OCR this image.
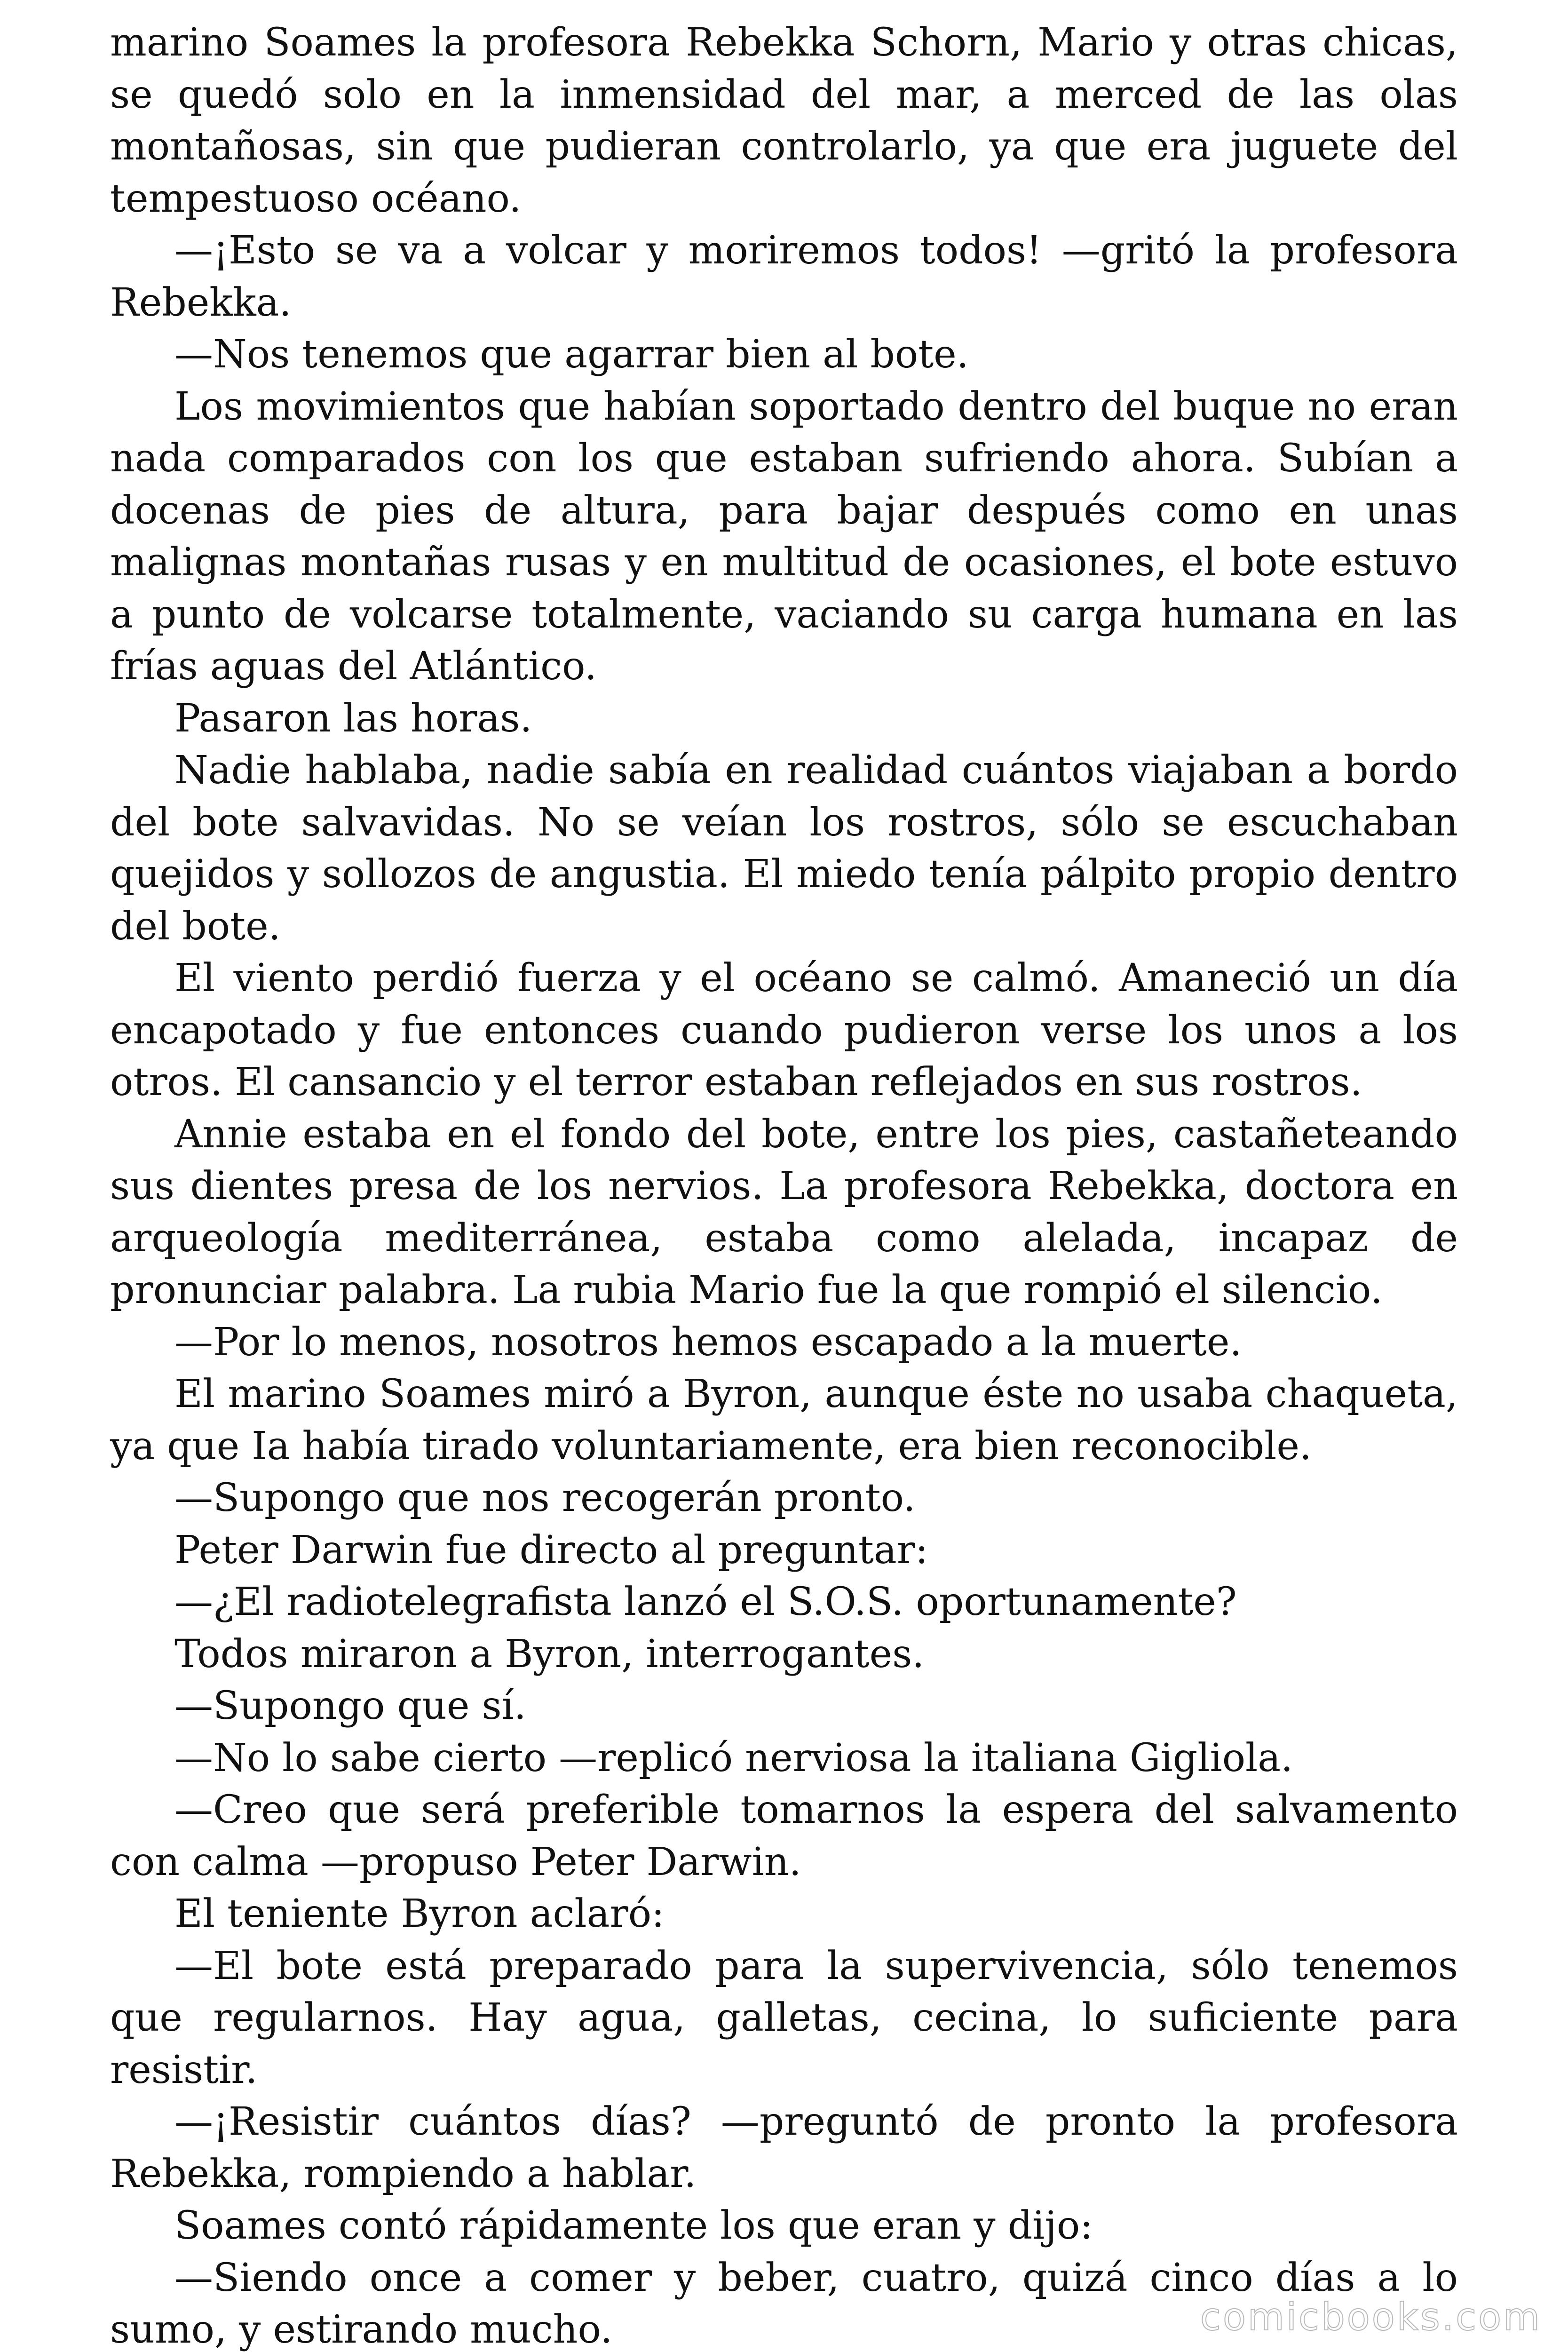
marino Soames la profesora Rebekka Schorn, Mario y otras chicas, se quedó solo en la inmensidad del mar, a merced de las olas montañosas, sin que pudieran controlarlo, ya que era juguete del tempestuoso océano.

—¡Esto se va a volcar y moriremos todos! —gritó la profesora Rebekka.

—Nos tenemos que agarrar bien al bote.

Los movimientos que habían soportado dentro del buque no eran nada comparados con los que estaban sufriendo ahora. Subían a docenas de pies de altura, para bajar después como en unas malignas montañas rusas y en multitud de ocasiones, el bote estuvo a punto de volcarse totalmente, vaciando su carga humana en las frías aguas del Atlántico.

Pasaron las horas.

Nadie hablaba, nadie sabía en realidad cuántos viajaban a bordo del bote salvavidas. No se veían los rostros, sólo se escuchaban quejidos y sollozos de angustia. El miedo tenía pálpito propio dentro del bote.

El viento perdió fuerza y el océano se calmó. Amaneció un día encapotado y fue entonces cuando pudieron verse los unos a los otros. El cansancio y el terror estaban reflejados en sus rostros.

Annie estaba en el fondo del bote, entre los pies, castañeteando sus dientes presa de los nervios. La profesora Rebekka, doctora en arqueología mediterránea, estaba como alelada, incapaz de pronunciar palabra. La rubia Mario fue la que rompió el silencio.

—Por lo menos, nosotros hemos escapado a la muerte.

El marino Soames miró a Byron, aunque éste no usaba chaqueta, ya que Ia había tirado voluntariamente, era bien reconocible.

—Supongo que nos recogerán pronto.

Peter Darwin fue directo al preguntar:

—¿El radiotelegrafista lanzó el S.O.S. oportunamente?

Todos miraron a Byron, interrogantes.

—Supongo que sí.

—No lo sabe cierto —replicó nerviosa la italiana Gigliola.

—Creo que será preferible tomarnos la espera del salvamento con calma —propuso Peter Darwin.

El teniente Byron aclaró:

—El bote está preparado para la supervivencia, sólo tenemos que regularnos. Hay agua, galletas, cecina, lo suficiente para resistir.

—¡Resistir cuántos días? —preguntó de pronto la profesora Rebekka, rompiendo a hablar.

Soames contó rápidamente los que eran y dijo:

—Siendo once a comer y beber, cuatro, quizá cinco días a lo sumo, y estirando mucho.	comicbooks.com
